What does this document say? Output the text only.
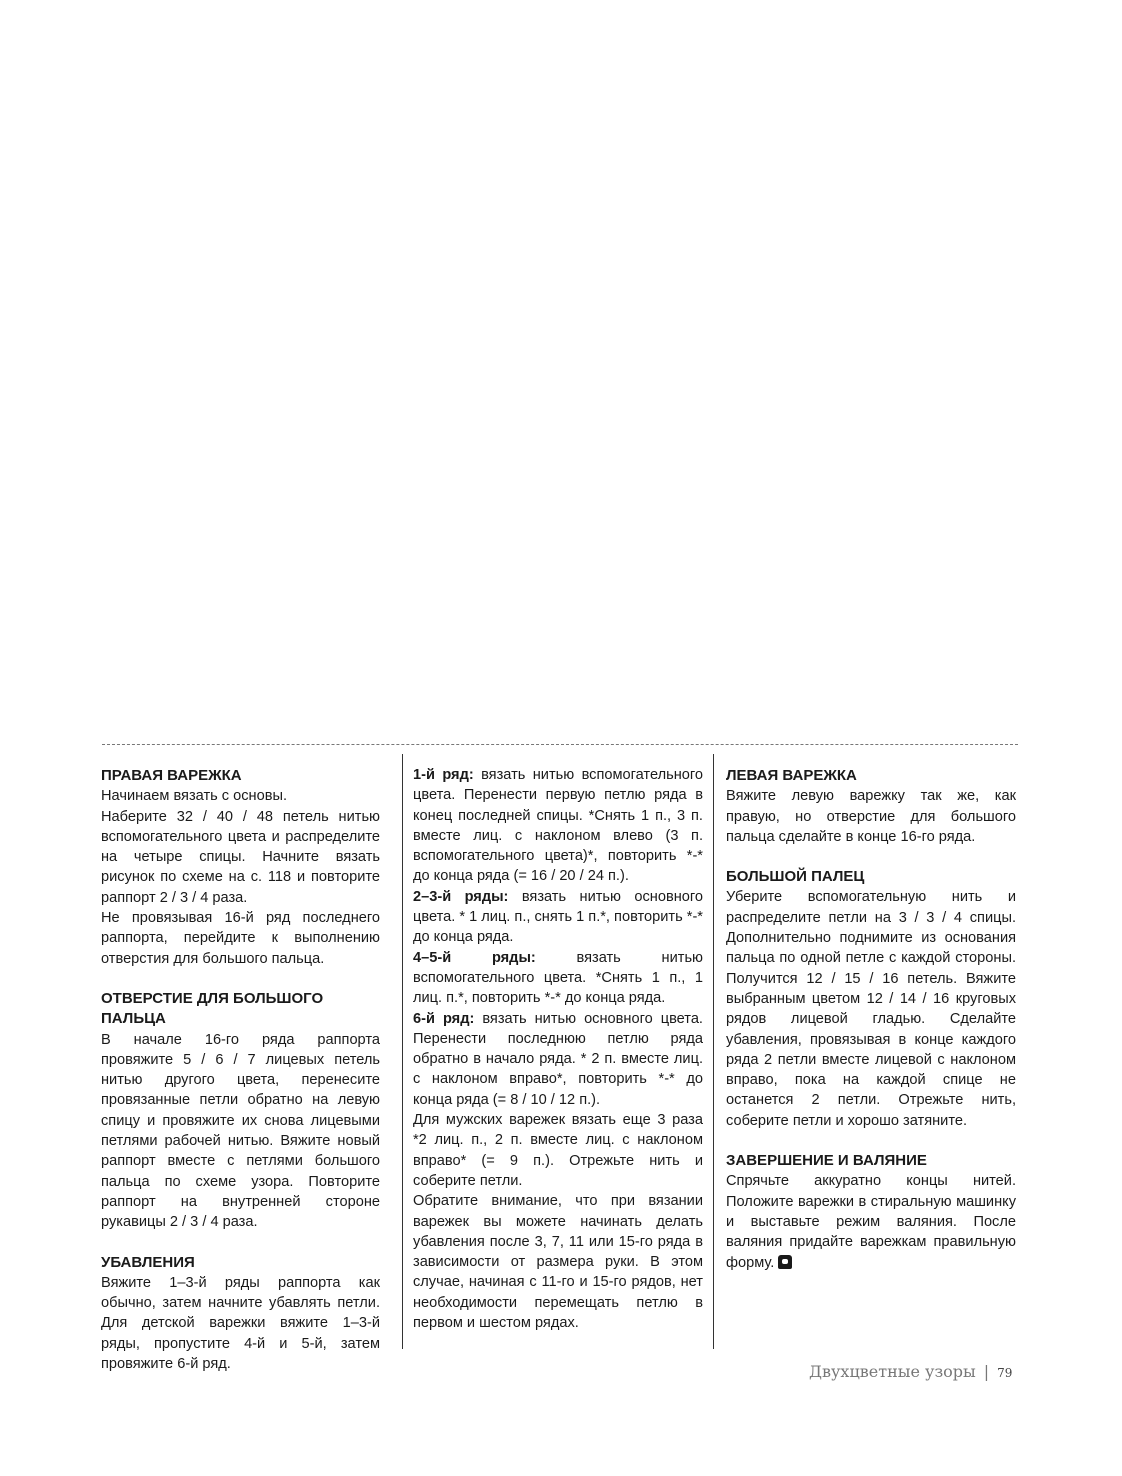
ПРАВАЯ ВАРЕЖКА

Начинаем вязать с основы.

Наберите 32 / 40 / 48 петель нитью вспомогательного цвета и распределите на четыре спицы. Начните вязать рисунок по схеме на с. 118 и повторите раппорт 2 / 3 / 4 раза.

Не провязывая 16-й ряд последнего раппорта, перейдите к выполнению отверстия для большого пальца.

ОТВЕРСТИЕ ДЛЯ БОЛЬШОГО ПАЛЬЦА

В начале 16-го ряда раппорта провяжите 5 / 6 / 7 лицевых петель нитью другого цвета, перенесите провязанные петли обратно на левую спицу и провяжите их снова лицевыми петлями рабочей нитью. Вяжите новый раппорт вместе с петлями большого пальца по схеме узора. Повторите раппорт на внутренней стороне рукавицы 2 / 3 / 4 раза.

УБАВЛЕНИЯ

Вяжите 1–3-й ряды раппорта как обычно, затем начните убавлять петли. Для детской варежки вяжите 1–3-й ряды, пропустите 4-й и 5-й, затем провяжите 6-й ряд.

1-й ряд: вязать нитью вспомогательного цвета. Перенести первую петлю ряда в конец последней спицы. *Снять 1 п., 3 п. вместе лиц. с наклоном влево (3 п. вспомогательного цвета)*, повторить *-* до конца ряда (= 16 / 20 / 24 п.).

2–3-й ряды: вязать нитью основного цвета. * 1 лиц. п., снять 1 п.*, повторить *-* до конца ряда.

4–5-й ряды: вязать нитью вспомогательного цвета. *Снять 1 п., 1 лиц. п.*, повторить *-* до конца ряда.

6-й ряд: вязать нитью основного цвета. Перенести последнюю петлю ряда обратно в начало ряда. * 2 п. вместе лиц. с наклоном вправо*, повторить *-* до конца ряда (= 8 / 10 / 12 п.).

Для мужских варежек вязать еще 3 раза *2 лиц. п., 2 п. вместе лиц. с наклоном вправо* (= 9 п.). Отрежьте нить и соберите петли.

Обратите внимание, что при вязании варежек вы можете начинать делать убавления после 3, 7, 11 или 15-го ряда в зависимости от размера руки. В этом случае, начиная с 11-го и 15-го рядов, нет необходимости перемещать петлю в первом и шестом рядах.

ЛЕВАЯ ВАРЕЖКА

Вяжите левую варежку так же, как правую, но отверстие для большого пальца сделайте в конце 16-го ряда.

БОЛЬШОЙ ПАЛЕЦ

Уберите вспомогательную нить и распределите петли на 3 / 3 / 4 спицы. Дополнительно поднимите из основания пальца по одной петле с каждой стороны. Получится 12 / 15 / 16 петель. Вяжите выбранным цветом 12 / 14 / 16 круговых рядов лицевой гладью. Сделайте убавления, провязывая в конце каждого ряда 2 петли вместе лицевой с наклоном вправо, пока на каждой спице не останется 2 петли. Отрежьте нить, соберите петли и хорошо затяните.

ЗАВЕРШЕНИЕ И ВАЛЯНИЕ

Спрячьте аккуратно концы нитей. Положите варежки в стиральную машинку и выставьте режим валяния. После валяния придайте варежкам правильную форму.

Двухцветные узоры | 79
